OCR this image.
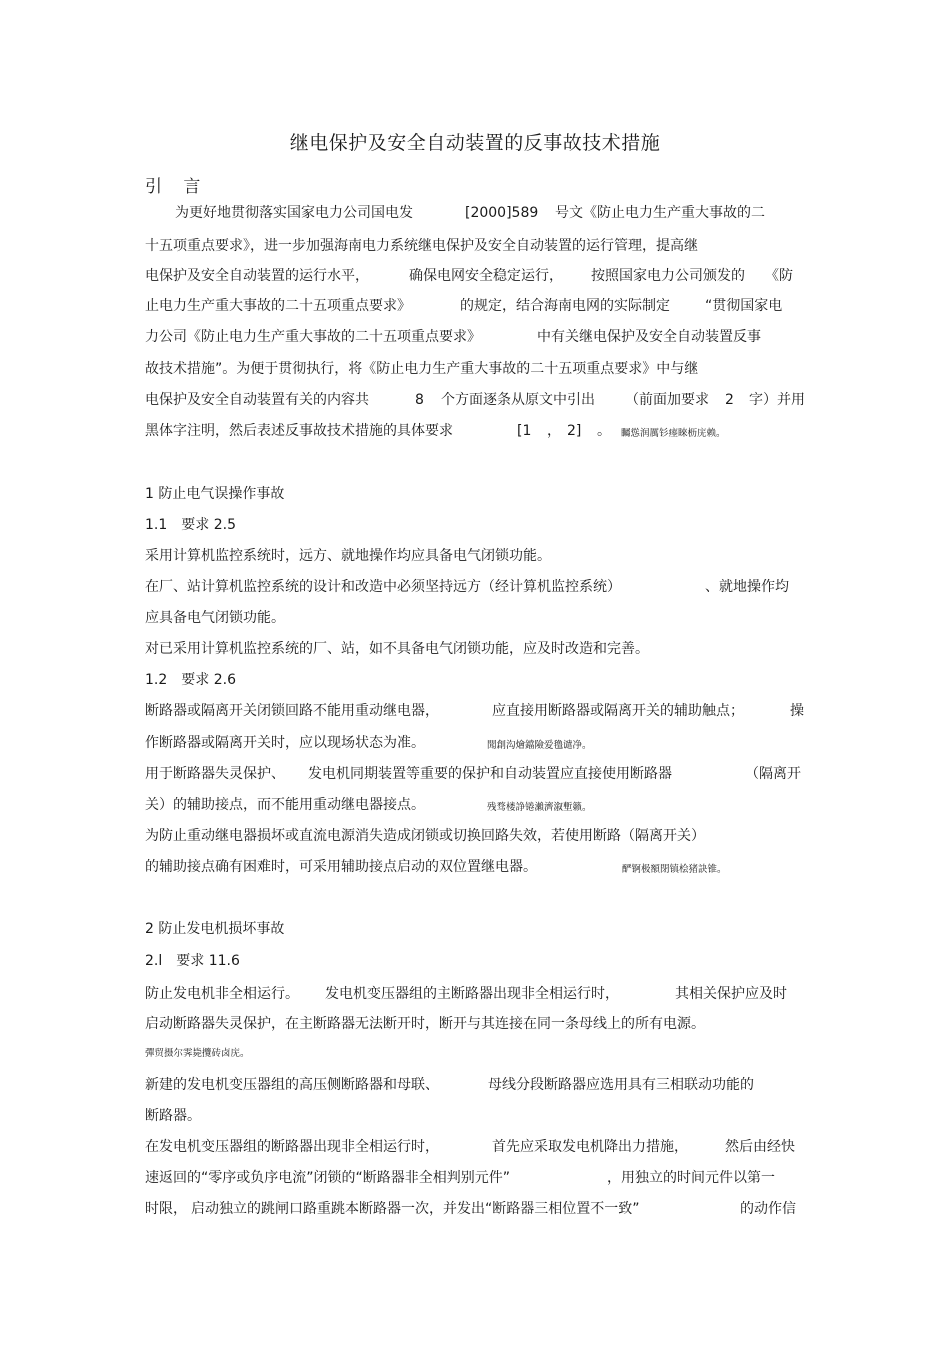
继电保护及安全自动装置的反事故技术措施
引 言
为更好地贯彻落实国家电力公司国电发	[2000]589 号文《防止电力生产重大事故的二
十五项重点要求》，进一步加强海南电力系统继电保护及安全自动装置的运行管理，提高继
电保护及安全自动装置的运行水平，	确保电网安全稳定运行， 按照国家电力公司颁发的 《防
止电力生产重大事故的二十五项重点要求》	的规定，结合海南电网的实际制定	“贯彻国家电
力公司《防止电力生产重大事故的二十五项重点要求》	中有关继电保护及安全自动装置反事
故技术措施”。为便于贯彻执行，将《防止电力生产重大事故的二十五项重点要求》中与继
电保护及安全自动装置有关的内容共	8 个方面逐条从原文中引出 （前面加要求 2 字）并用
黑体字注明，然后表述反事故技术措施的具体要求	[1 ， 2] 。 矚慫润厲钐瘗睞枥庑赖。
1 防止电气误操作事故
1.1　要求 2.5
采用计算机监控系统时，远方、就地操作均应具备电气闭锁功能。
在厂、站计算机监控系统的设计和改造中必须坚持远方（经计算机监控系统）	、就地操作均
应具备电气闭锁功能。
对已采用计算机监控系统的厂、站，如不具备电气闭锁功能，应及时改造和完善。
1.2　要求 2.6
断路器或隔离开关闭锁回路不能用重动继电器，	应直接用断路器或隔离开关的辅助触点；	操
作断路器或隔离开关时，应以现场状态为准。	聞創沟燴鐺險爱氇谴净。
用于断路器失灵保护、 发电机同期装置等重要的保护和自动装置应直接使用断路器	（隔离开
关）的辅助接点，而不能用重动继电器接点。	残骛楼諍锩瀨濟溆塹籟。
为防止重动继电器损坏或直流电源消失造成闭锁或切换回路失效，若使用断路（隔离开关）
的辅助接点确有困难时，可采用辅助接点启动的双位置继电器。	酽锕极額閉镇桧猪訣锥。
2 防止发电机损坏事故
2.l　要求 11.6
防止发电机非全相运行。 发电机变压器组的主断路器出现非全相运行时，	其相关保护应及时
启动断路器失灵保护，在主断路器无法断开时，断开与其连接在同一条母线上的所有电源。
彈贸摄尔霁毙攬砖卤庑。
新建的发电机变压器组的高压侧断路器和母联、	母线分段断路器应选用具有三相联动功能的
断路器。
在发电机变压器组的断路器出现非全相运行时，	首先应采取发电机降出力措施，	然后由经快
速返回的“零序或负序电流”闭锁的“断路器非全相判别元件”	，用独立的时间元件以第一
时限， 启动独立的跳闸口路重跳本断路器一次，并发出“断路器三相位置不一致”	的动作信
